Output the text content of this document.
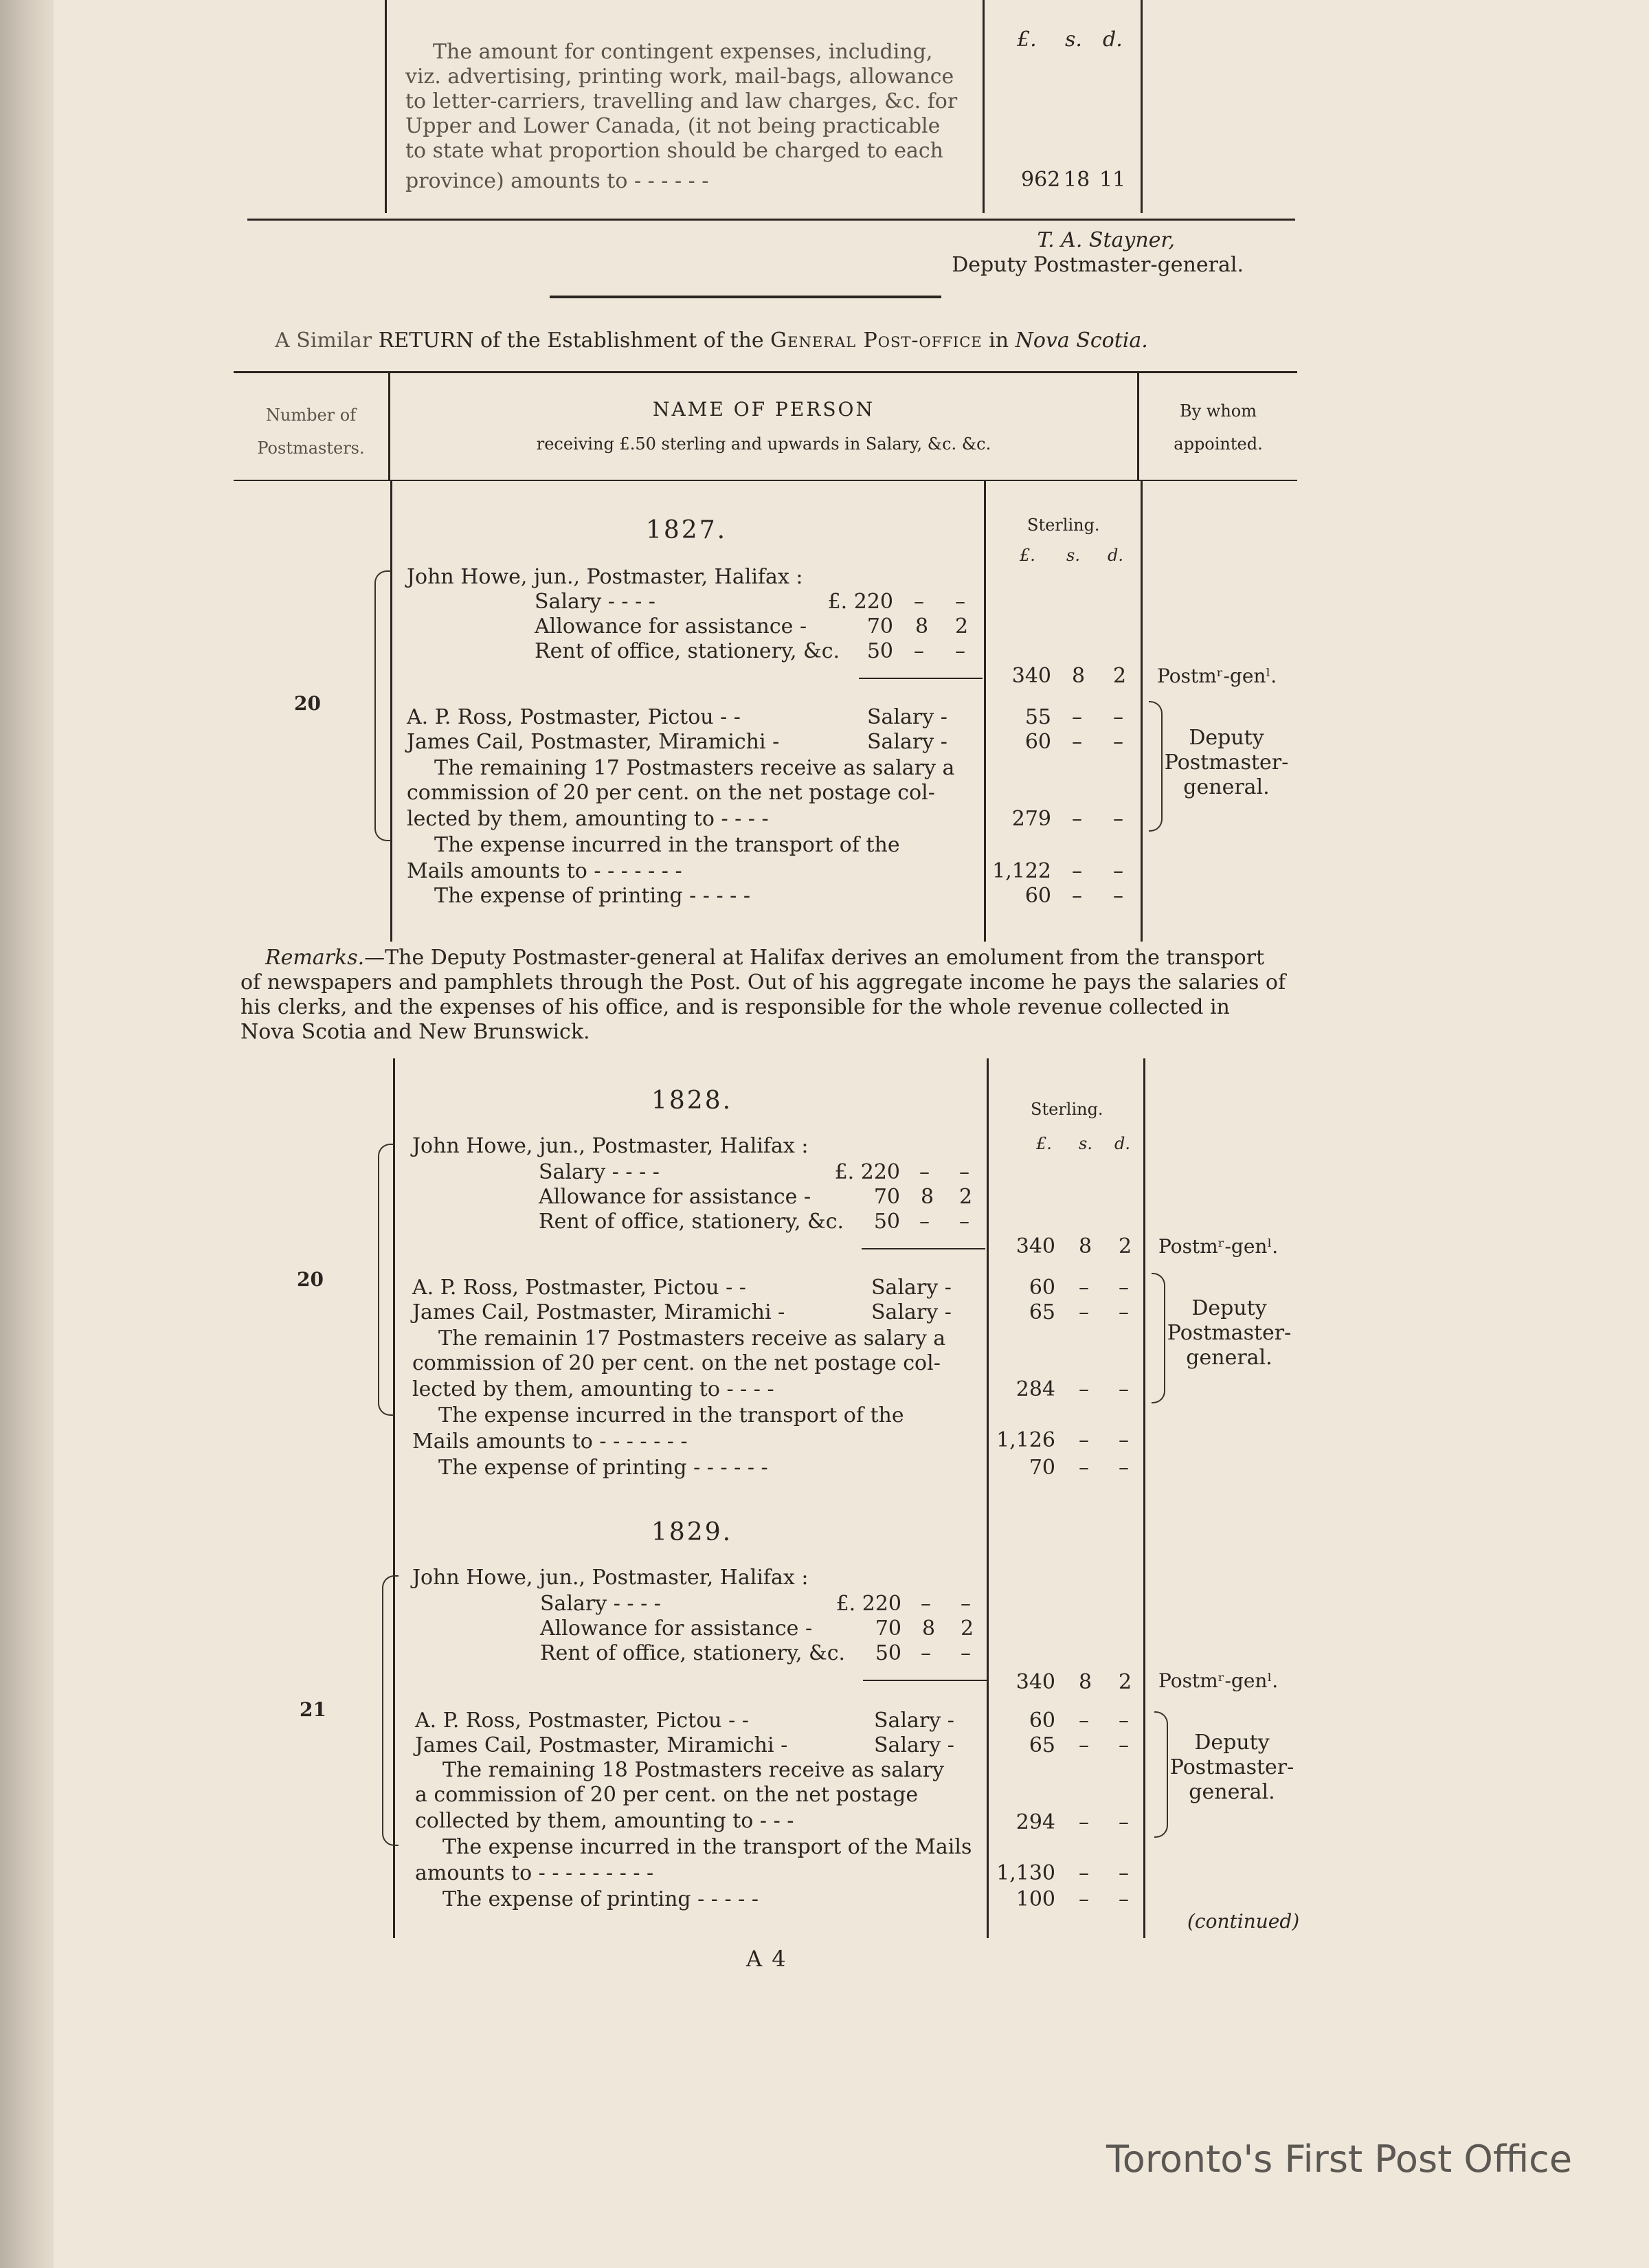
£. s. d.
The amount for contingent expenses, including,
viz. advertising, printing work, mail-bags, allowance
to letter-carriers, travelling and law charges, &c. for
Upper and Lower Canada, (it not being practicable
to state what proportion should be charged to each
province) amounts to - - - - - -	962 18 11
T. A. Stayner,
Deputy Postmaster-general.
A Similar RETURN of the Establishment of the General Post-office in Nova Scotia.
Number of
Postmasters.
NAME OF PERSON
receiving £.50 sterling and upwards in Salary, &c. &c.
By whom
appointed.
1827.	Sterling.
£. s. d.
20
John Howe, jun., Postmaster, Halifax :
Salary - - - -	£. 220 – –
Allowance for assistance -	70 8 2
Rent of office, stationery, &c.	50 – –
340 8 2 Postmʳ-genˡ.
A. P. Ross, Postmaster, Pictou - -	Salary -	55 – –
James Cail, Postmaster, Miramichi -	Salary -	60 – –	Deputy
Postmaster-
general.
The remaining 17 Postmasters receive as salary a
commission of 20 per cent. on the net postage col-
lected by them, amounting to - - - -	279 – –
The expense incurred in the transport of the
Mails amounts to - - - - - - -	1,122 – –
The expense of printing - - - - -	60 – –
Remarks.—The Deputy Postmaster-general at Halifax derives an emolument from the transport
of newspapers and pamphlets through the Post. Out of his aggregate income he pays the salaries of
his clerks, and the expenses of his office, and is responsible for the whole revenue collected in
Nova Scotia and New Brunswick.
1828.	Sterling.
£. s. d.
20
John Howe, jun., Postmaster, Halifax :
Salary - - - -	£. 220 – –
Allowance for assistance -	70 8 2
Rent of office, stationery, &c.	50 – –
340 8 2 Postmʳ-genˡ.
A. P. Ross, Postmaster, Pictou - -	Salary -	60 – –
James Cail, Postmaster, Miramichi -	Salary -	65 – –	Deputy
Postmaster-
general.
The remainin 17 Postmasters receive as salary a
commission of 20 per cent. on the net postage col-
lected by them, amounting to - - - -	284 – –
The expense incurred in the transport of the
Mails amounts to - - - - - - -	1,126 – –
The expense of printing - - - - - -	70 – –
1829.
21
John Howe, jun., Postmaster, Halifax :
Salary - - - -	£. 220 – –
Allowance for assistance -	70 8 2
Rent of office, stationery, &c.	50 – –
340 8 2 Postmʳ-genˡ.
A. P. Ross, Postmaster, Pictou - -	Salary -	60 – –
James Cail, Postmaster, Miramichi -	Salary -	65 – –	Deputy
Postmaster-
general.
The remaining 18 Postmasters receive as salary
a commission of 20 per cent. on the net postage
collected by them, amounting to - - -	294 – –
The expense incurred in the transport of the Mails
amounts to - - - - - - - - -	1,130 – –
The expense of printing - - - - -	100 – –
(continued)
A 4
Toronto's First Post Office
